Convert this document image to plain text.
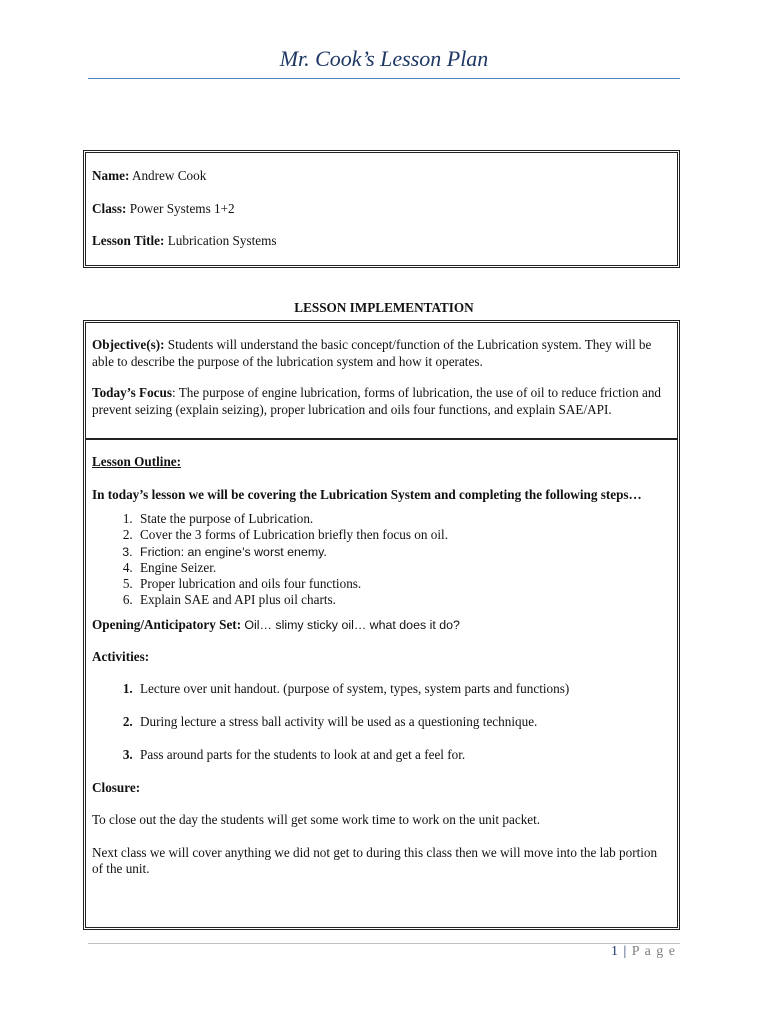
Mr. Cook’s Lesson Plan

Name: Andrew Cook

Class: Power Systems 1+2

Lesson Title: Lubrication Systems

LESSON IMPLEMENTATION

Objective(s): Students will understand the basic concept/function of the Lubrication system. They will be able to describe the purpose of the lubrication system and how it operates.

Today’s Focus: The purpose of engine lubrication, forms of lubrication, the use of oil to reduce friction and prevent seizing (explain seizing), proper lubrication and oils four functions, and explain SAE/API.

Lesson Outline:

In today’s lesson we will be covering the Lubrication System and completing the following steps…

1. State the purpose of Lubrication.
2. Cover the 3 forms of Lubrication briefly then focus on oil.
3. Friction: an engine’s worst enemy.
4. Engine Seizer.
5. Proper lubrication and oils four functions.
6. Explain SAE and API plus oil charts.

Opening/Anticipatory Set: Oil… slimy sticky oil… what does it do?

Activities:

1. Lecture over unit handout. (purpose of system, types, system parts and functions)
2. During lecture a stress ball activity will be used as a questioning technique.
3. Pass around parts for the students to look at and get a feel for.

Closure:

To close out the day the students will get some work time to work on the unit packet.

Next class we will cover anything we did not get to during this class then we will move into the lab portion of the unit.

1 | P a g e
